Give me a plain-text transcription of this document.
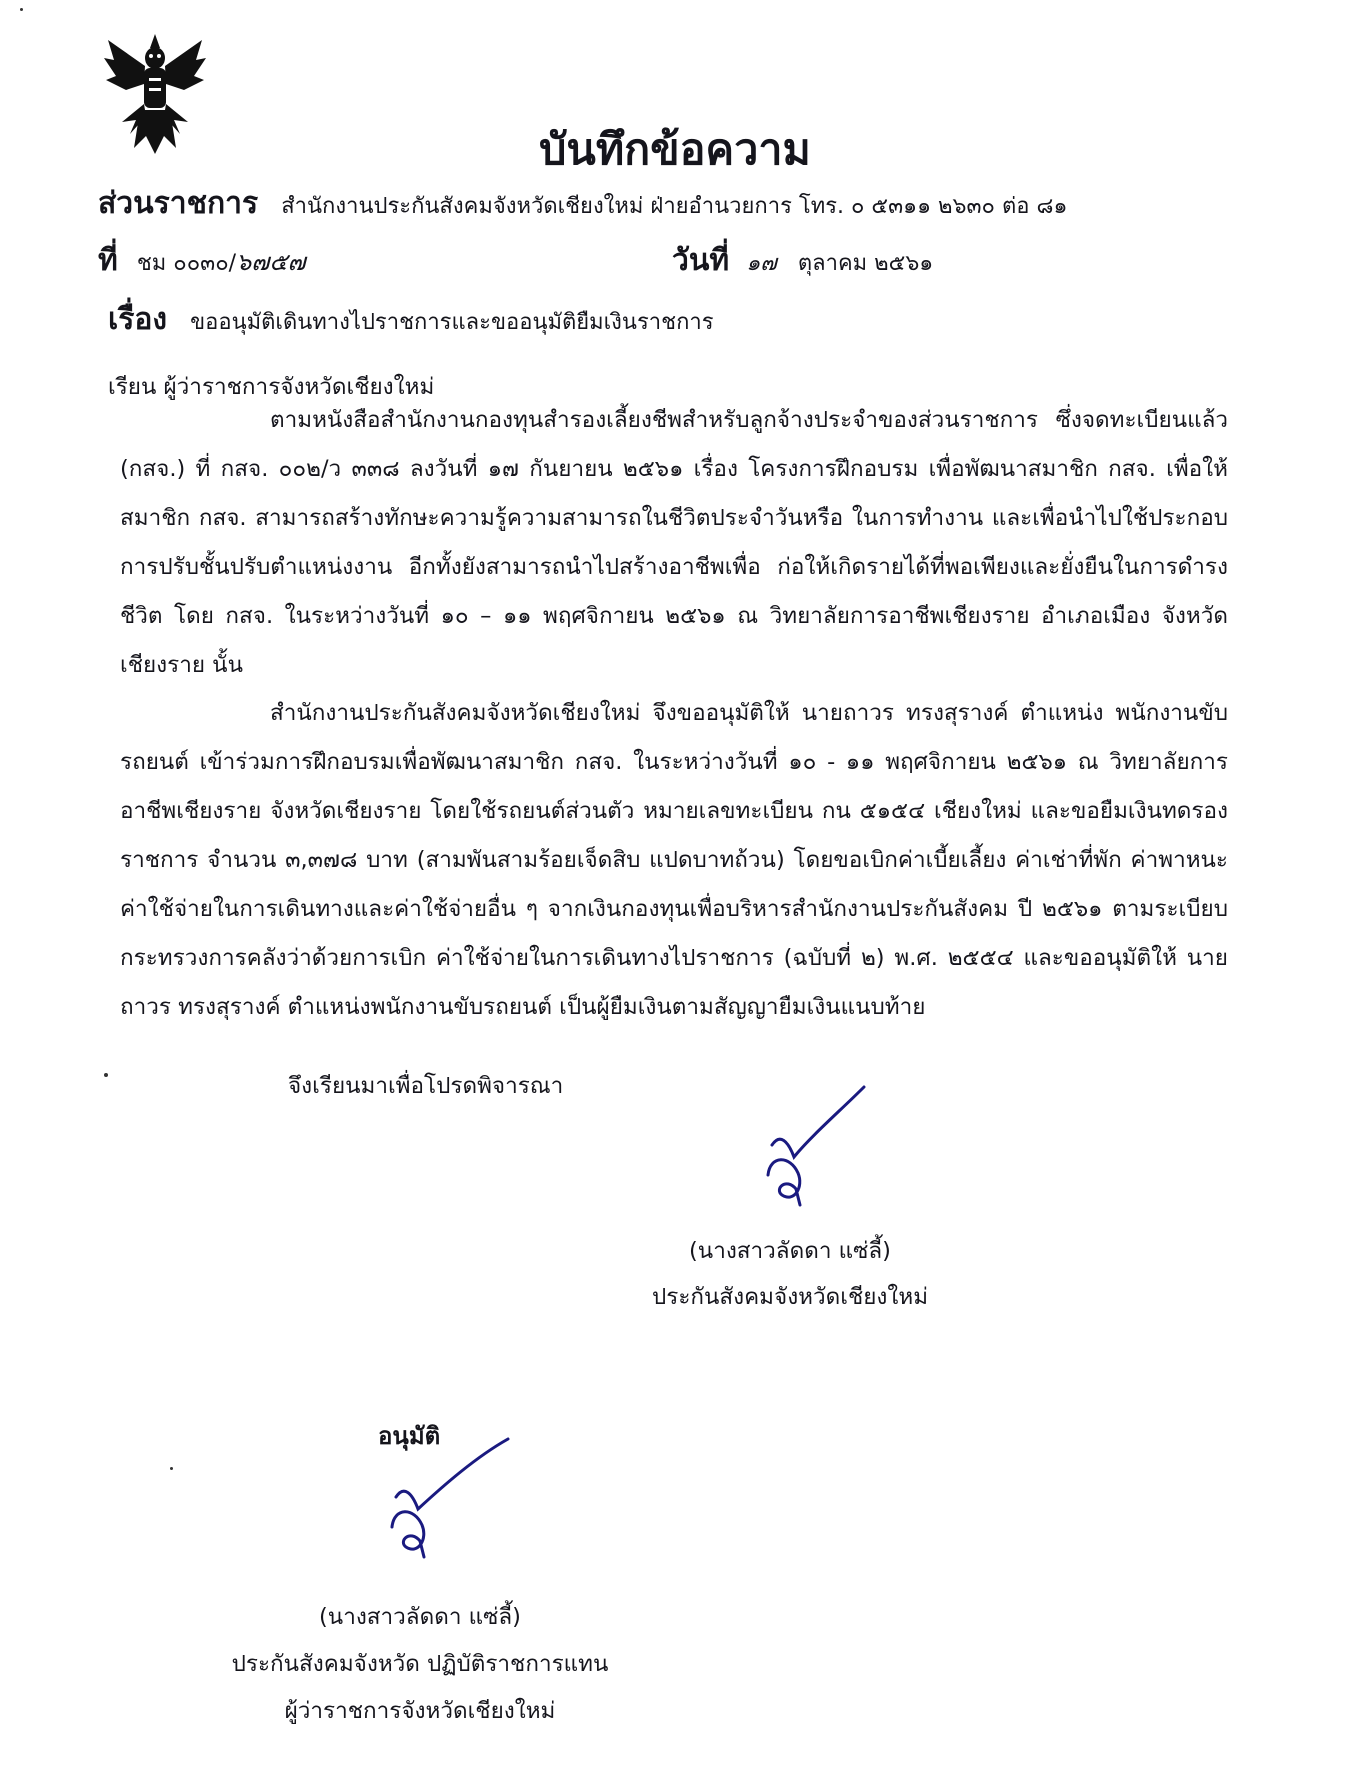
บันทึกข้อความ
ส่วนราชการ สำนักงานประกันสังคมจังหวัดเชียงใหม่ ฝ่ายอำนวยการ โทร. ๐ ๕๓๑๑ ๒๖๓๐ ต่อ ๘๑
ที่ ชม ๐๐๓๐/๖๗๕๗	วันที่ ๑๗ ตุลาคม ๒๕๖๑
เรื่อง ขออนุมัติเดินทางไปราชการและขออนุมัติยืมเงินราชการ
เรียน ผู้ว่าราชการจังหวัดเชียงใหม่

ตามหนังสือสำนักงานกองทุนสำรองเลี้ยงชีพสำหรับลูกจ้างประจำของส่วนราชการ ซึ่งจดทะเบียนแล้ว (กสจ.) ที่ กสจ. ๐๐๒/ว ๓๓๘ ลงวันที่ ๑๗ กันยายน ๒๕๖๑ เรื่อง โครงการฝึกอบรม เพื่อพัฒนาสมาชิก กสจ. เพื่อให้สมาชิก กสจ. สามารถสร้างทักษะความรู้ความสามารถในชีวิตประจำวันหรือ ในการทำงาน และเพื่อนำไปใช้ประกอบการปรับชั้นปรับตำแหน่งงาน อีกทั้งยังสามารถนำไปสร้างอาชีพเพื่อ ก่อให้เกิดรายได้ที่พอเพียงและยั่งยืนในการดำรงชีวิต โดย กสจ. ในระหว่างวันที่ ๑๐ – ๑๑ พฤศจิกายน ๒๕๖๑ ณ วิทยาลัยการอาชีพเชียงราย อำเภอเมือง จังหวัดเชียงราย นั้น

สำนักงานประกันสังคมจังหวัดเชียงใหม่ จึงขออนุมัติให้ นายถาวร ทรงสุรางค์ ตำแหน่ง พนักงานขับรถยนต์ เข้าร่วมการฝึกอบรมเพื่อพัฒนาสมาชิก กสจ. ในระหว่างวันที่ ๑๐ - ๑๑ พฤศจิกายน ๒๕๖๑ ณ วิทยาลัยการอาชีพเชียงราย จังหวัดเชียงราย โดยใช้รถยนต์ส่วนตัว หมายเลขทะเบียน กน ๕๑๕๔ เชียงใหม่ และขอยืมเงินทดรองราชการ จำนวน ๓,๓๗๘ บาท (สามพันสามร้อยเจ็ดสิบ แปดบาทถ้วน) โดยขอเบิกค่าเบี้ยเลี้ยง ค่าเช่าที่พัก ค่าพาหนะ ค่าใช้จ่ายในการเดินทางและค่าใช้จ่ายอื่น ๆ จากเงินกองทุนเพื่อบริหารสำนักงานประกันสังคม ปี ๒๕๖๑ ตามระเบียบกระทรวงการคลังว่าด้วยการเบิก ค่าใช้จ่ายในการเดินทางไปราชการ (ฉบับที่ ๒) พ.ศ. ๒๕๕๔ และขออนุมัติให้ นายถาวร ทรงสุรางค์ ตำแหน่งพนักงานขับรถยนต์ เป็นผู้ยืมเงินตามสัญญายืมเงินแนบท้าย

จึงเรียนมาเพื่อโปรดพิจารณา
ลี้
(นางสาวลัดดา แซ่ลี้)
ประกันสังคมจังหวัดเชียงใหม่
อนุมัติ
ลี้
(นางสาวลัดดา แซ่ลี้)
ประกันสังคมจังหวัด ปฏิบัติราชการแทน
ผู้ว่าราชการจังหวัดเชียงใหม่
